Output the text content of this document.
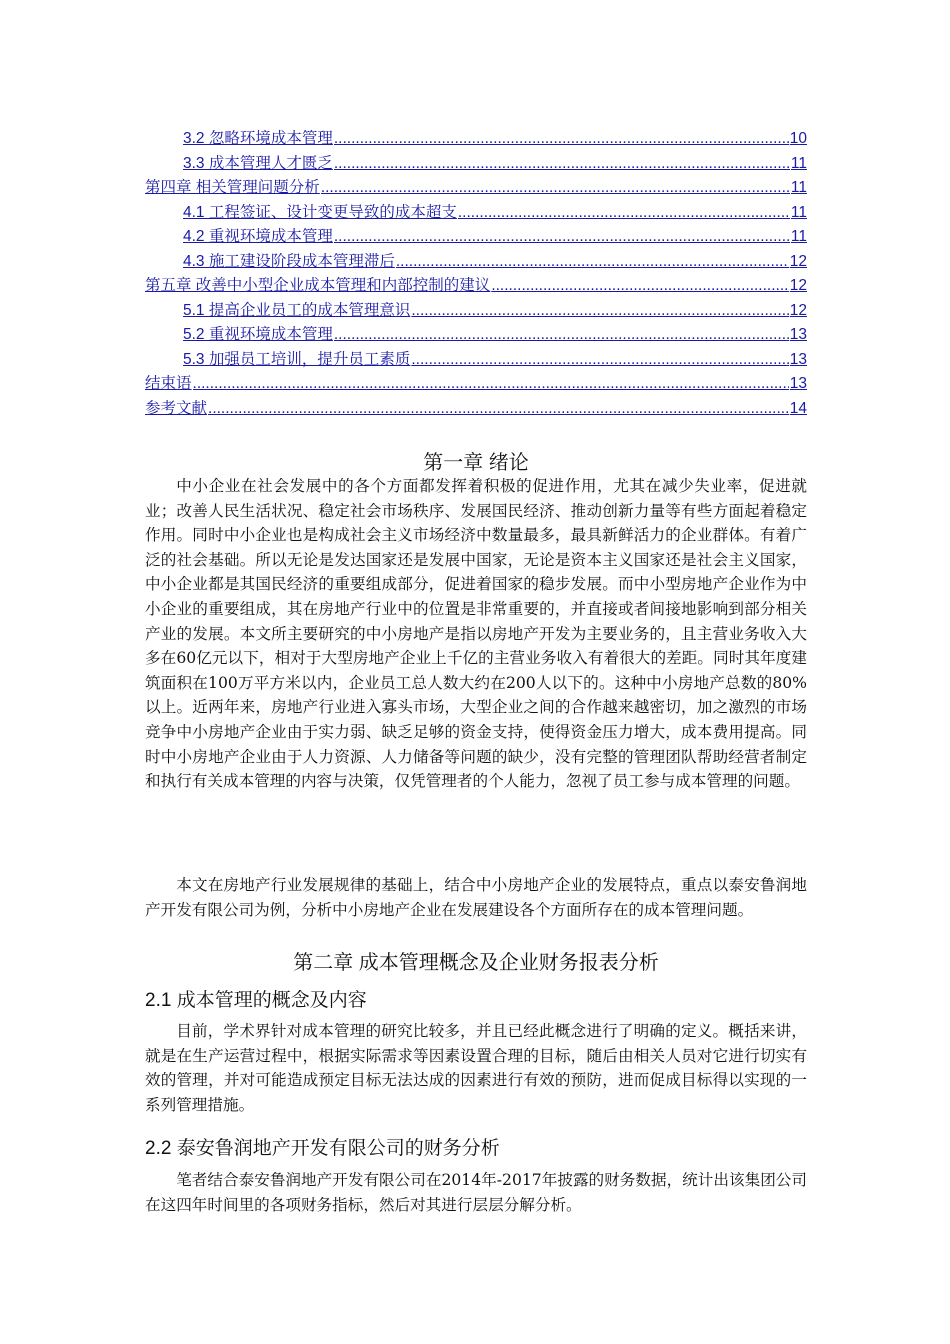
3.2 忽略环境成本管理 .....	10
3.3 成本管理人才匮乏 .....	11
第四章 相关管理问题分析 .....	11
4.1 工程签证、设计变更导致的成本超支 .....	11
4.2 重视环境成本管理 .....	11
4.3 施工建设阶段成本管理滞后 .....	12
第五章 改善中小型企业成本管理和内部控制的建议 .....	12
5.1 提高企业员工的成本管理意识 .....	12
5.2 重视环境成本管理 .....	13
5.3 加强员工培训，提升员工素质 .....	13
结束语 .....	13
参考文献 .....	14
第一章 绪论

中小企业在社会发展中的各个方面都发挥着积极的促进作用，尤其在减少失业率，促进就业；改善人民生活状况、稳定社会市场秩序、发展国民经济、推动创新力量等有些方面起着稳定作用。同时中小企业也是构成社会主义市场经济中数量最多，最具新鲜活力的企业群体。有着广泛的社会基础。所以无论是发达国家还是发展中国家，无论是资本主义国家还是社会主义国家，中小企业都是其国民经济的重要组成部分，促进着国家的稳步发展。而中小型房地产企业作为中小企业的重要组成，其在房地产行业中的位置是非常重要的，并直接或者间接地影响到部分相关产业的发展。本文所主要研究的中小房地产是指以房地产开发为主要业务的，且主营业务收入大多在60亿元以下，相对于大型房地产企业上千亿的主营业务收入有着很大的差距。同时其年度建筑面积在100万平方米以内，企业员工总人数大约在200人以下的。这种中小房地产总数的80%以上。近两年来，房地产行业进入寡头市场，大型企业之间的合作越来越密切，加之激烈的市场竞争中小房地产企业由于实力弱、缺乏足够的资金支持，使得资金压力增大，成本费用提高。同时中小房地产企业由于人力资源、人力储备等问题的缺少，没有完整的管理团队帮助经营者制定和执行有关成本管理的内容与决策，仅凭管理者的个人能力，忽视了员工参与成本管理的问题。

本文在房地产行业发展规律的基础上，结合中小房地产企业的发展特点，重点以泰安鲁润地产开发有限公司为例，分析中小房地产企业在发展建设各个方面所存在的成本管理问题。

第二章 成本管理概念及企业财务报表分析
2.1 成本管理的概念及内容

目前，学术界针对成本管理的研究比较多，并且已经此概念进行了明确的定义。概括来讲，就是在生产运营过程中，根据实际需求等因素设置合理的目标，随后由相关人员对它进行切实有效的管理，并对可能造成预定目标无法达成的因素进行有效的预防，进而促成目标得以实现的一系列管理措施。

2.2 泰安鲁润地产开发有限公司的财务分析

笔者结合泰安鲁润地产开发有限公司在2014年-2017年披露的财务数据，统计出该集团公司在这四年时间里的各项财务指标，然后对其进行层层分解分析。
